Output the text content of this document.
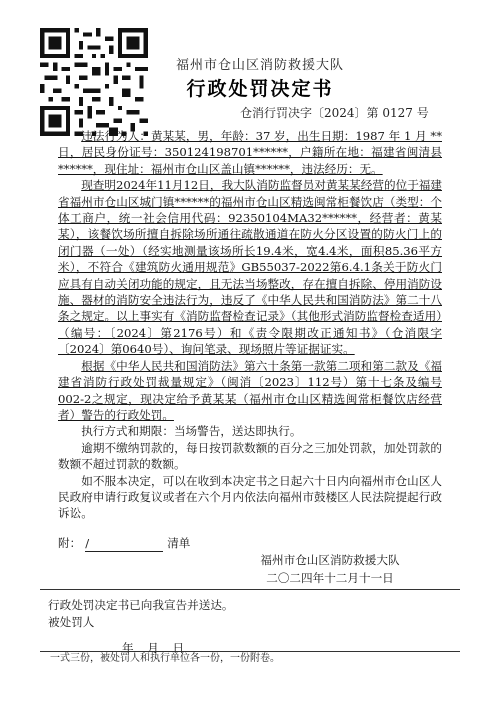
福州市仓山区消防救援大队
行政处罚决定书
仓消行罚决字〔2024〕第 0127 号

违法行为人：黄某某，男，年龄：37 岁，出生日期：1987 年 1 月 ** 日，居民身份证号：350124198701******，户籍所在地：福建省闽清县******，现住址：福州市仓山区盖山镇******，违法经历：无。

现查明2024年11月12日，我大队消防监督员对黄某某经营的位于福建省福州市仓山区城门镇******的福州市仓山区精选闽常柜餐饮店（类型：个体工商户，统一社会信用代码：92350104MA32******，经营者：黄某某），该餐饮场所擅自拆除场所通往疏散通道在防火分区设置的防火门上的闭门器（一处）（经实地测量该场所长19.4米，宽4.4米，面积85.36平方米），不符合《建筑防火通用规范》GB55037-2022第6.4.1条关于防火门应具有自动关闭功能的规定，且无法当场整改，存在擅自拆除、停用消防设施、器材的消防安全违法行为，违反了《中华人民共和国消防法》第二十八条之规定。以上事实有《消防监督检查记录》（其他形式消防监督检查适用）（编号：〔2024〕第2176号）和《责令限期改正通知书》（仓消限字〔2024〕第0640号）、询问笔录、现场照片等证据证实。

根据《中华人民共和国消防法》第六十条第一款第二项和第二款及《福建省消防行政处罚裁量规定》（闽消〔2023〕112号）第十七条及编号002-2之规定，现决定给予黄某某（福州市仓山区精选闽常柜餐饮店经营者）警告的行政处罚。

执行方式和期限：当场警告，送达即执行。

逾期不缴纳罚款的，每日按罚款数额的百分之三加处罚款，加处罚款的数额不超过罚款的数额。

如不服本决定，可以在收到本决定书之日起六十日内向福州市仓山区人民政府申请行政复议或者在六个月内依法向福州市鼓楼区人民法院提起行政诉讼。

附： /	清单
福州市仓山区消防救援大队
二〇二四年十二月十一日
行政处罚决定书已向我宣告并送达。
被处罚人
年 月 日
一式三份，被处罚人和执行单位各一份，一份附卷。
